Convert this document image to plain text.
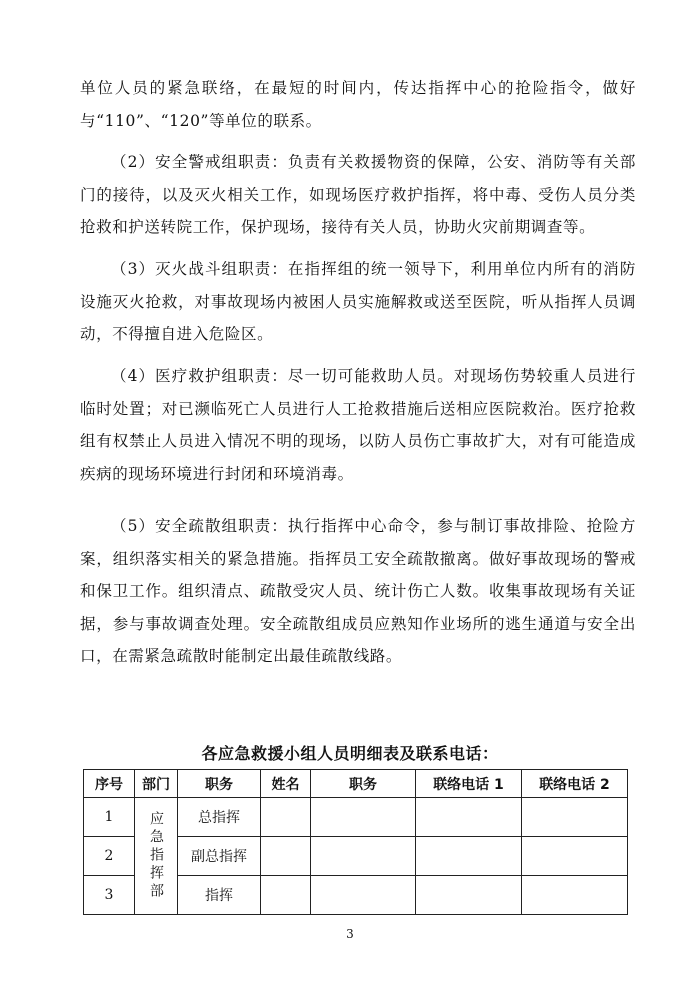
单位人员的紧急联络，在最短的时间内，传达指挥中心的抢险指令，做好与“110”、“120”等单位的联系。

（2）安全警戒组职责：负责有关救援物资的保障，公安、消防等有关部门的接待，以及灭火相关工作，如现场医疗救护指挥，将中毒、受伤人员分类抢救和护送转院工作，保护现场，接待有关人员，协助火灾前期调查等。

（3）灭火战斗组职责：在指挥组的统一领导下，利用单位内所有的消防设施灭火抢救，对事故现场内被困人员实施解救或送至医院，听从指挥人员调动，不得擅自进入危险区。

（4）医疗救护组职责：尽一切可能救助人员。对现场伤势较重人员进行临时处置；对已濒临死亡人员进行人工抢救措施后送相应医院救治。医疗抢救组有权禁止人员进入情况不明的现场，以防人员伤亡事故扩大，对有可能造成疾病的现场环境进行封闭和环境消毒。

（5）安全疏散组职责：执行指挥中心命令，参与制订事故排险、抢险方案，组织落实相关的紧急措施。指挥员工安全疏散撤离。做好事故现场的警戒和保卫工作。组织清点、疏散受灾人员、统计伤亡人数。收集事故现场有关证据，参与事故调查处理。安全疏散组成员应熟知作业场所的逃生通道与安全出口，在需紧急疏散时能制定出最佳疏散线路。

各应急救援小组人员明细表及联系电话：
序号	部门	职务	姓名	职务	联络电话 1	联络电话 2
1	应急指挥部	总指挥				
2		副总指挥				
3		指挥				
3
